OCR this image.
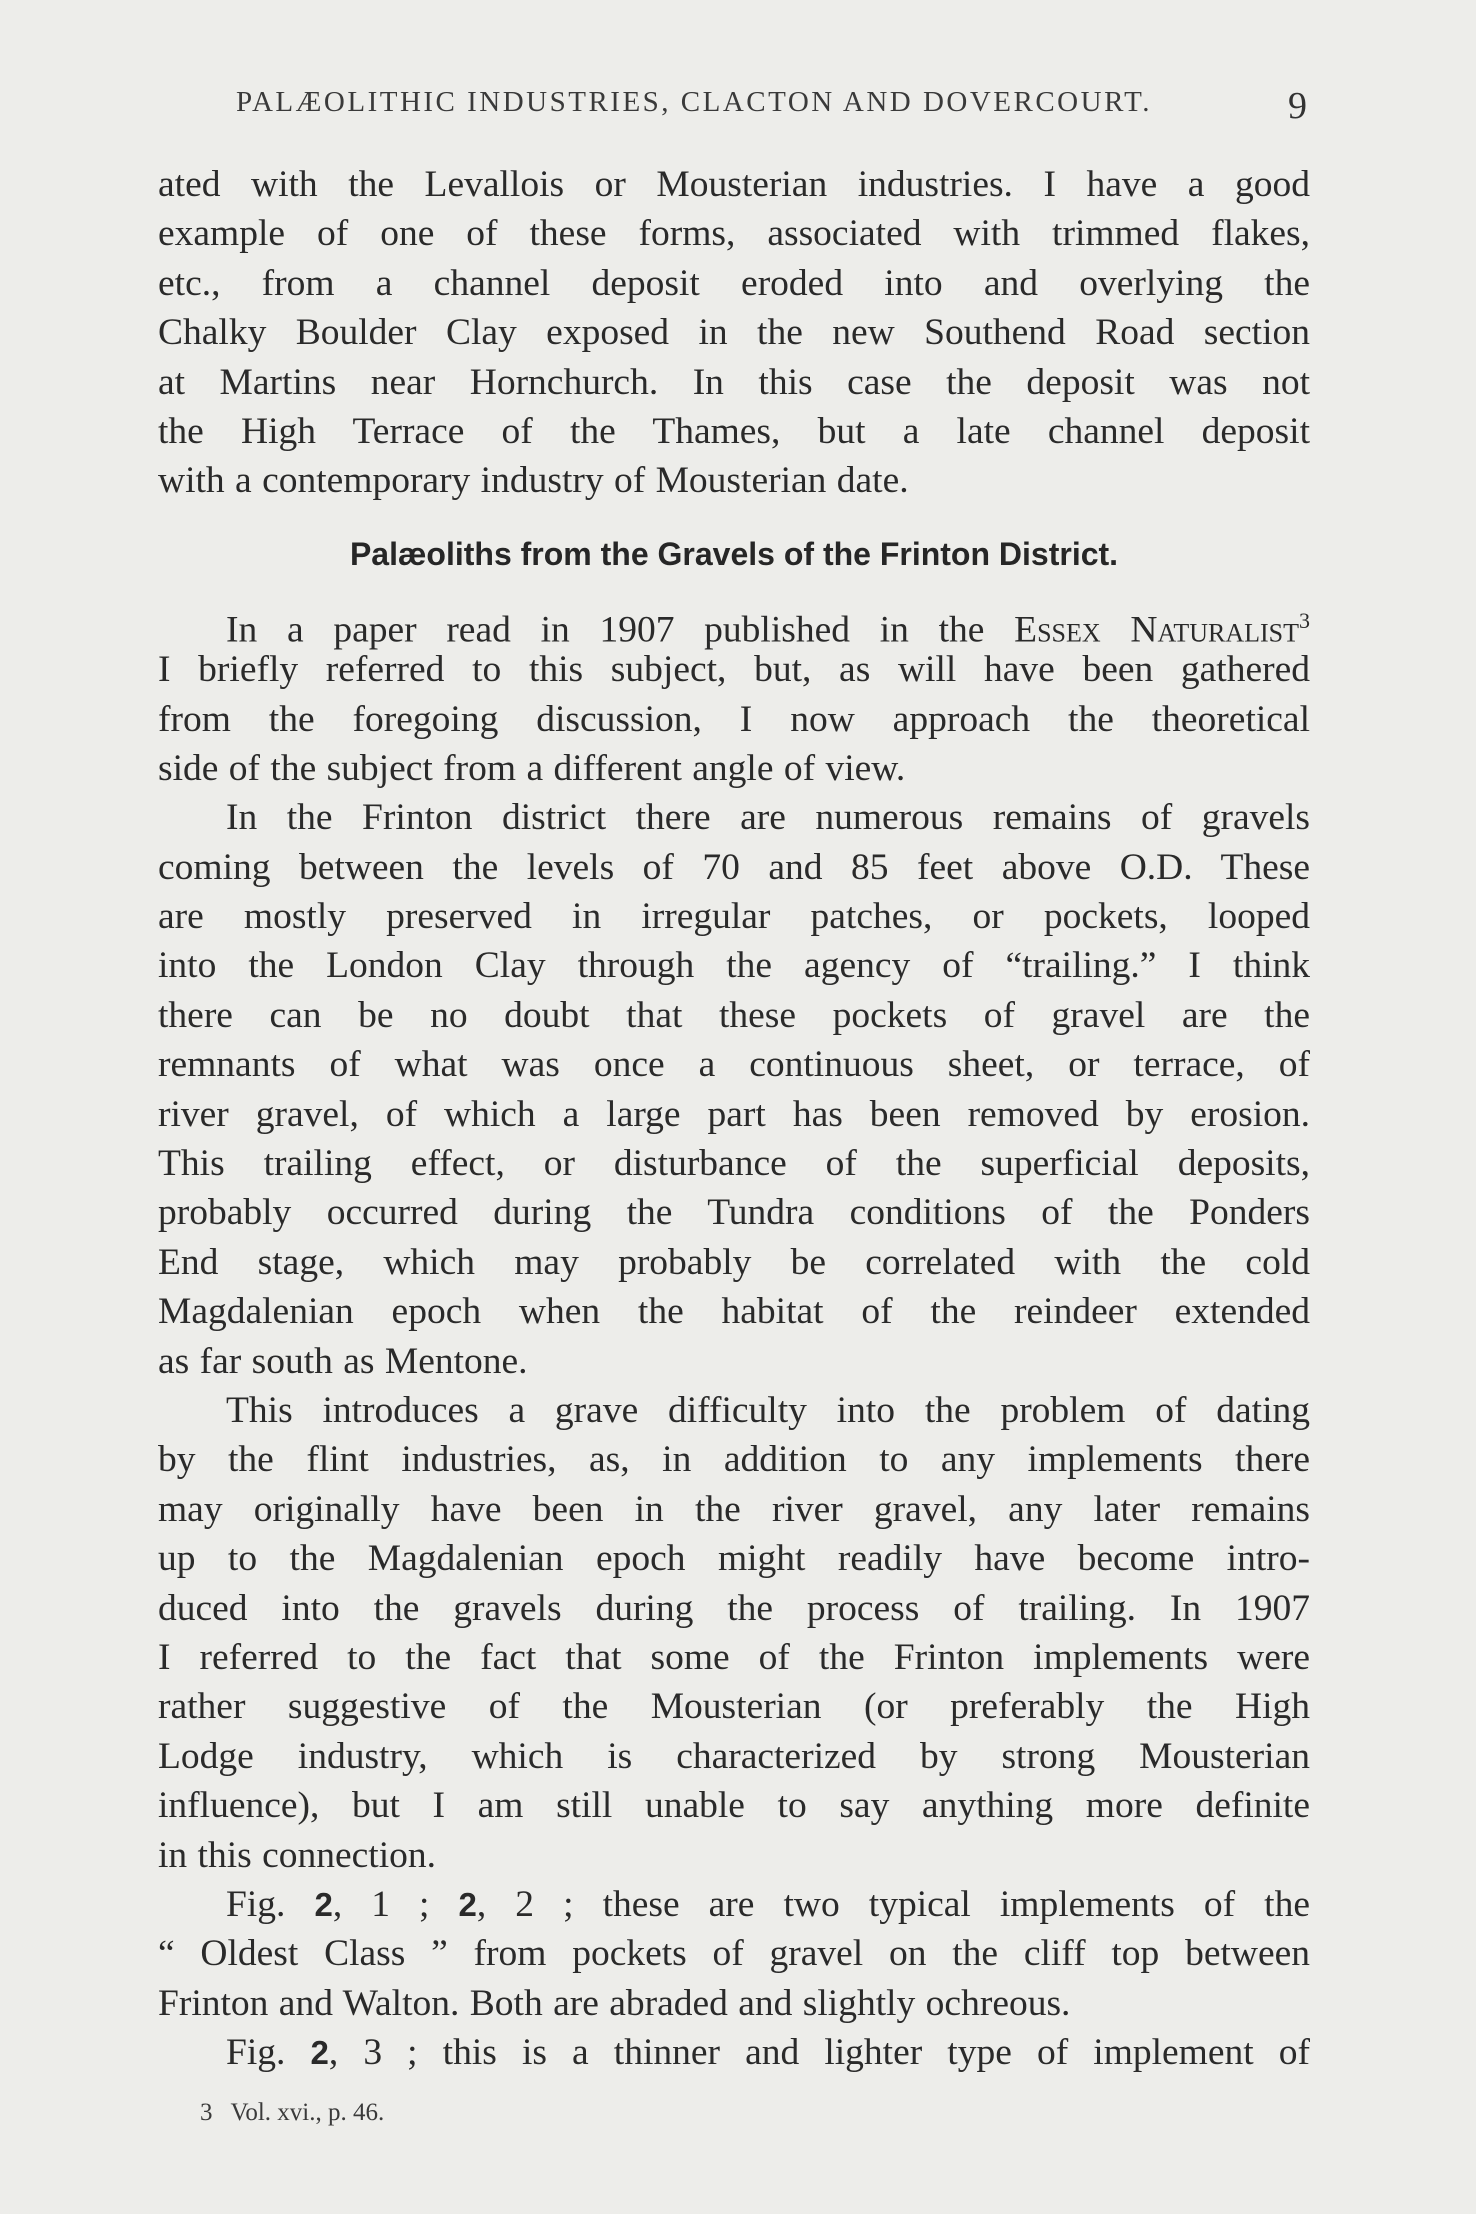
PALÆOLITHIC INDUSTRIES, CLACTON AND DOVERCOURT.	9
ated with the Levallois or Mousterian industries. I have a good
example of one of these forms, associated with trimmed flakes,
etc., from a channel deposit eroded into and overlying the
Chalky Boulder Clay exposed in the new Southend Road section
at Martins near Hornchurch. In this case the deposit was not
the High Terrace of the Thames, but a late channel deposit
with a contemporary industry of Mousterian date.
Palæoliths from the Gravels of the Frinton District.
In a paper read in 1907 published in the Essex Naturalist$^3$
I briefly referred to this subject, but, as will have been gathered
from the foregoing discussion, I now approach the theoretical
side of the subject from a different angle of view.
In the Frinton district there are numerous remains of gravels
coming between the levels of 70 and 85 feet above O.D. These
are mostly preserved in irregular patches, or pockets, looped
into the London Clay through the agency of “trailing.” I think
there can be no doubt that these pockets of gravel are the
remnants of what was once a continuous sheet, or terrace, of
river gravel, of which a large part has been removed by erosion.
This trailing effect, or disturbance of the superficial deposits,
probably occurred during the Tundra conditions of the Ponders
End stage, which may probably be correlated with the cold
Magdalenian epoch when the habitat of the reindeer extended
as far south as Mentone.
This introduces a grave difficulty into the problem of dating
by the flint industries, as, in addition to any implements there
may originally have been in the river gravel, any later remains
up to the Magdalenian epoch might readily have become intro-
duced into the gravels during the process of trailing. In 1907
I referred to the fact that some of the Frinton implements were
rather suggestive of the Mousterian (or preferably the High
Lodge industry, which is characterized by strong Mousterian
influence), but I am still unable to say anything more definite
in this connection.
Fig. 2, 1 ; 2, 2 ; these are two typical implements of the
“ Oldest Class ” from pockets of gravel on the cliff top between
Frinton and Walton. Both are abraded and slightly ochreous.
Fig. 2, 3 ; this is a thinner and lighter type of implement of
3 Vol. xvi., p. 46.
